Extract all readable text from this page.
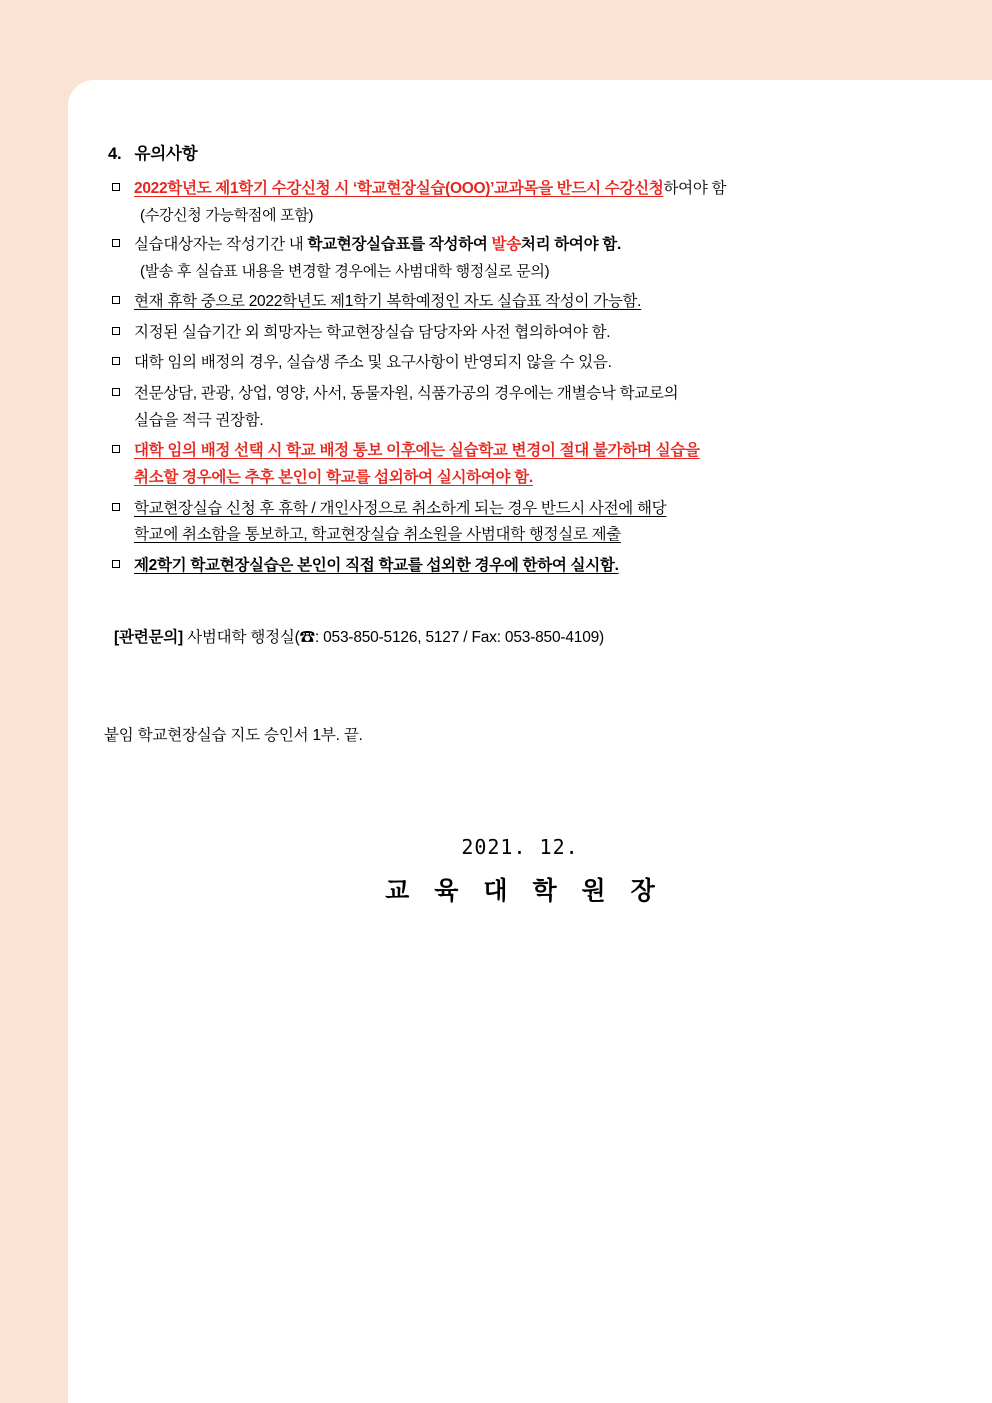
4. 유의사항
2022학년도 제1학기 수강신청 시 ‘학교현장실습(OOO)’교과목을 반드시 수강신청하여야 함
(수강신청 가능학점에 포함)
실습대상자는 작성기간 내 학교현장실습표를 작성하여 발송처리 하여야 함.
(발송 후 실습표 내용을 변경할 경우에는 사범대학 행정실로 문의)
현재 휴학 중으로 2022학년도 제1학기 복학예정인 자도 실습표 작성이 가능함.
지정된 실습기간 외 희망자는 학교현장실습 담당자와 사전 협의하여야 함.
대학 임의 배정의 경우, 실습생 주소 및 요구사항이 반영되지 않을 수 있음.
전문상담, 관광, 상업, 영양, 사서, 동물자원, 식품가공의 경우에는 개별승낙 학교로의
실습을 적극 권장함.
대학 임의 배정 선택 시 학교 배정 통보 이후에는 실습학교 변경이 절대 불가하며 실습을
취소할 경우에는 추후 본인이 학교를 섭외하여 실시하여야 함.
학교현장실습 신청 후 휴학 / 개인사정으로 취소하게 되는 경우 반드시 사전에 해당
학교에 취소함을 통보하고, 학교현장실습 취소원을 사범대학 행정실로 제출
제2학기 학교현장실습은 본인이 직접 학교를 섭외한 경우에 한하여 실시함.
[관련문의] 사범대학 행정실(☎: 053-850-5126, 5127 / Fax: 053-850-4109)
붙임 학교현장실습 지도 승인서 1부. 끝.
2021. 12.
교 육 대 학 원 장
